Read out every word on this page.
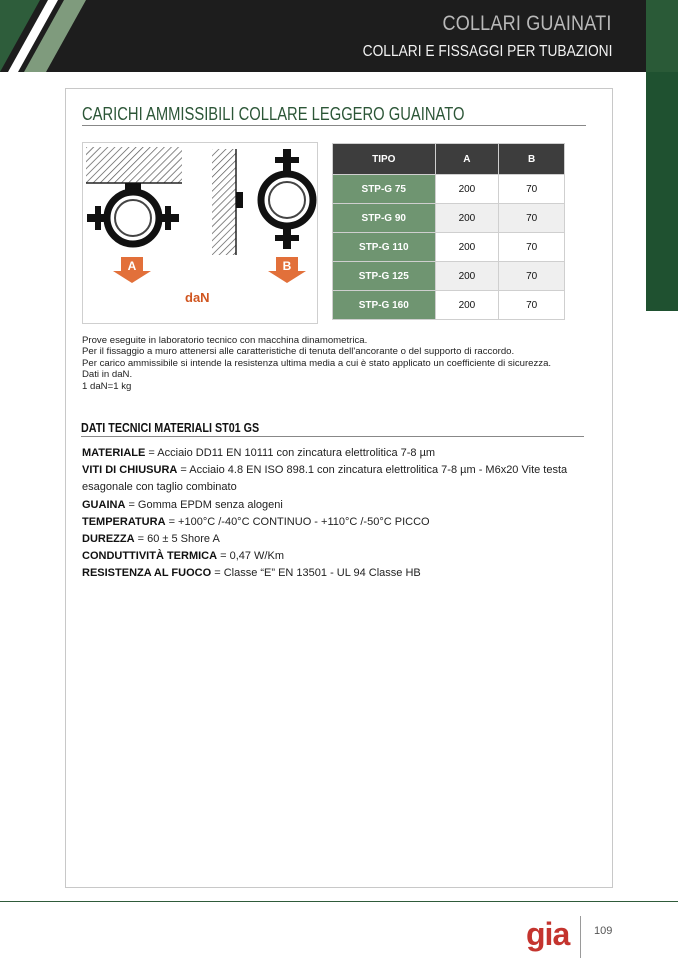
COLLARI GUAINATI
COLLARI E FISSAGGI PER TUBAZIONI
CARICHI AMMISSIBILI COLLARE LEGGERO GUAINATO
A	B
daN
TIPO	A	B
STP-G 75	200	70
STP-G 90	200	70
STP-G 110	200	70
STP-G 125	200	70
STP-G 160	200	70
Prove eseguite in laboratorio tecnico con macchina dinamometrica.
Per il fissaggio a muro attenersi alle caratteristiche di tenuta dell'ancorante o del supporto di raccordo.
Per carico ammissibile si intende la resistenza ultima media a cui è stato applicato un coefficiente di sicurezza.
Dati in daN.
1 daN=1 kg
DATI TECNICI MATERIALI ST01 GS
MATERIALE = Acciaio DD11 EN 10111 con zincatura elettrolitica 7-8 µm
VITI DI CHIUSURA = Acciaio 4.8 EN ISO 898.1 con zincatura elettrolitica 7-8 µm - M6x20 Vite testa esagonale con taglio combinato
GUAINA = Gomma EPDM senza alogeni
TEMPERATURA = +100°C /-40°C CONTINUO - +110°C /-50°C PICCO
DUREZZA = 60 ± 5 Shore A
CONDUTTIVITÀ TERMICA = 0,47 W/Km
RESISTENZA AL FUOCO = Classe “E” EN 13501 - UL 94 Classe HB
gia 109
